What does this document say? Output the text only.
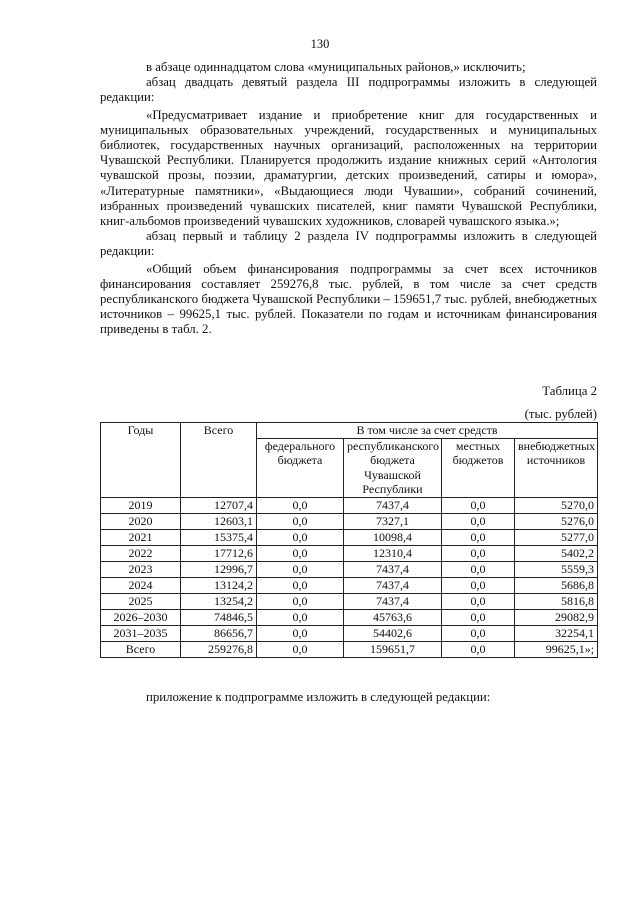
130

в абзаце одиннадцатом слова «муниципальных районов,» исключить;

абзац двадцать девятый раздела III подпрограммы изложить в следующей редакции:

«Предусматривает издание и приобретение книг для государственных и муниципальных образовательных учреждений, государственных и муниципальных библиотек, государственных научных организаций, расположенных на территории Чувашской Республики. Планируется продолжить издание книжных серий «Антология чувашской прозы, поэзии, драматургии, детских произведений, сатиры и юмора», «Литературные памятники», «Выдающиеся люди Чувашии», собраний сочинений, избранных произведений чувашских писателей, книг памяти Чувашской Республики, книг-альбомов произведений чувашских художников, словарей чувашского языка.»;

абзац первый и таблицу 2 раздела IV подпрограммы изложить в следующей редакции:

«Общий объем финансирования подпрограммы за счет всех источников финансирования составляет 259276,8 тыс. рублей, в том числе за счет средств республиканского бюджета Чувашской Республики – 159651,7 тыс. рублей, внебюджетных источников – 99625,1 тыс. рублей. Показатели по годам и источникам финансирования приведены в табл. 2.

Таблица 2
(тыс. рублей)
Годы	Всего	В том числе за счет средств			
		федерального бюджета	республиканского бюджета Чувашской Республики	местных бюджетов	внебюджетных источников
2019	12707,4	0,0	7437,4	0,0	5270,0
2020	12603,1	0,0	7327,1	0,0	5276,0
2021	15375,4	0,0	10098,4	0,0	5277,0
2022	17712,6	0,0	12310,4	0,0	5402,2
2023	12996,7	0,0	7437,4	0,0	5559,3
2024	13124,2	0,0	7437,4	0,0	5686,8
2025	13254,2	0,0	7437,4	0,0	5816,8
2026–2030	74846,5	0,0	45763,6	0,0	29082,9
2031–2035	86656,7	0,0	54402,6	0,0	32254,1
Всего	259276,8	0,0	159651,7	0,0	99625,1»;
приложение к подпрограмме изложить в следующей редакции:
